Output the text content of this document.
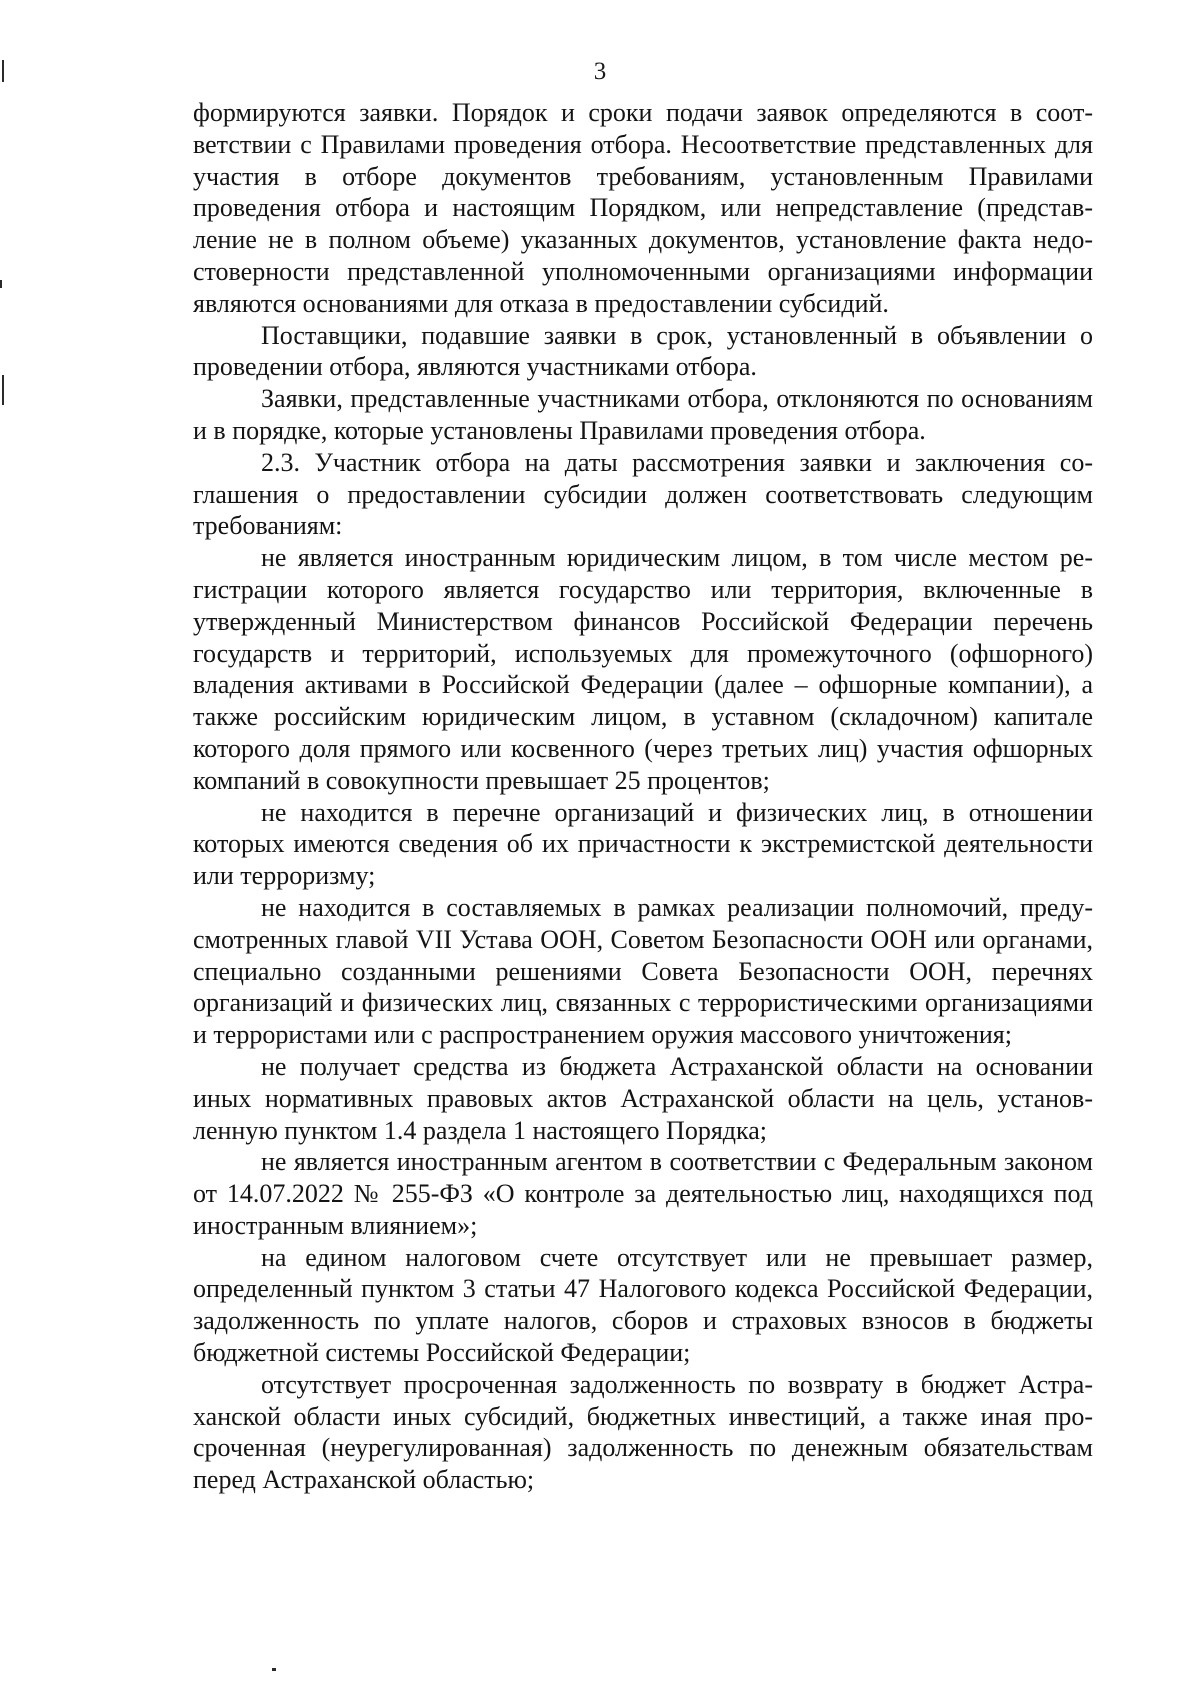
3

формируются заявки. Порядок и сроки подачи заявок определяются в соответствии с Правилами проведения отбора. Несоответствие представленных для участия в отборе документов требованиям, установленным Правилами проведения отбора и настоящим Порядком, или непредставление (представление не в полном объеме) указанных документов, установление факта недостоверности представленной уполномоченными организациями информации являются основаниями для отказа в предоставлении субсидий.

Поставщики, подавшие заявки в срок, установленный в объявлении о проведении отбора, являются участниками отбора.

Заявки, представленные участниками отбора, отклоняются по основаниям и в порядке, которые установлены Правилами проведения отбора.

2.3. Участник отбора на даты рассмотрения заявки и заключения соглашения о предоставлении субсидии должен соответствовать следующим требованиям:

не является иностранным юридическим лицом, в том числе местом регистрации которого является государство или территория, включенные в утвержденный Министерством финансов Российской Федерации перечень государств и территорий, используемых для промежуточного (офшорного) владения активами в Российской Федерации (далее – офшорные компании), а также российским юридическим лицом, в уставном (складочном) капитале которого доля прямого или косвенного (через третьих лиц) участия офшорных компаний в совокупности превышает 25 процентов;

не находится в перечне организаций и физических лиц, в отношении которых имеются сведения об их причастности к экстремистской деятельности или терроризму;

не находится в составляемых в рамках реализации полномочий, предусмотренных главой VII Устава ООН, Советом Безопасности ООН или органами, специально созданными решениями Совета Безопасности ООН, перечнях организаций и физических лиц, связанных с террористическими организациями и террористами или с распространением оружия массового уничтожения;

не получает средства из бюджета Астраханской области на основании иных нормативных правовых актов Астраханской области на цель, установленную пунктом 1.4 раздела 1 настоящего Порядка;

не является иностранным агентом в соответствии с Федеральным законом от 14.07.2022 № 255-ФЗ «О контроле за деятельностью лиц, находящихся под иностранным влиянием»;

на едином налоговом счете отсутствует или не превышает размер, определенный пунктом 3 статьи 47 Налогового кодекса Российской Федерации, задолженность по уплате налогов, сборов и страховых взносов в бюджеты бюджетной системы Российской Федерации;

отсутствует просроченная задолженность по возврату в бюджет Астраханской области иных субсидий, бюджетных инвестиций, а также иная просроченная (неурегулированная) задолженность по денежным обязательствам перед Астраханской областью;
